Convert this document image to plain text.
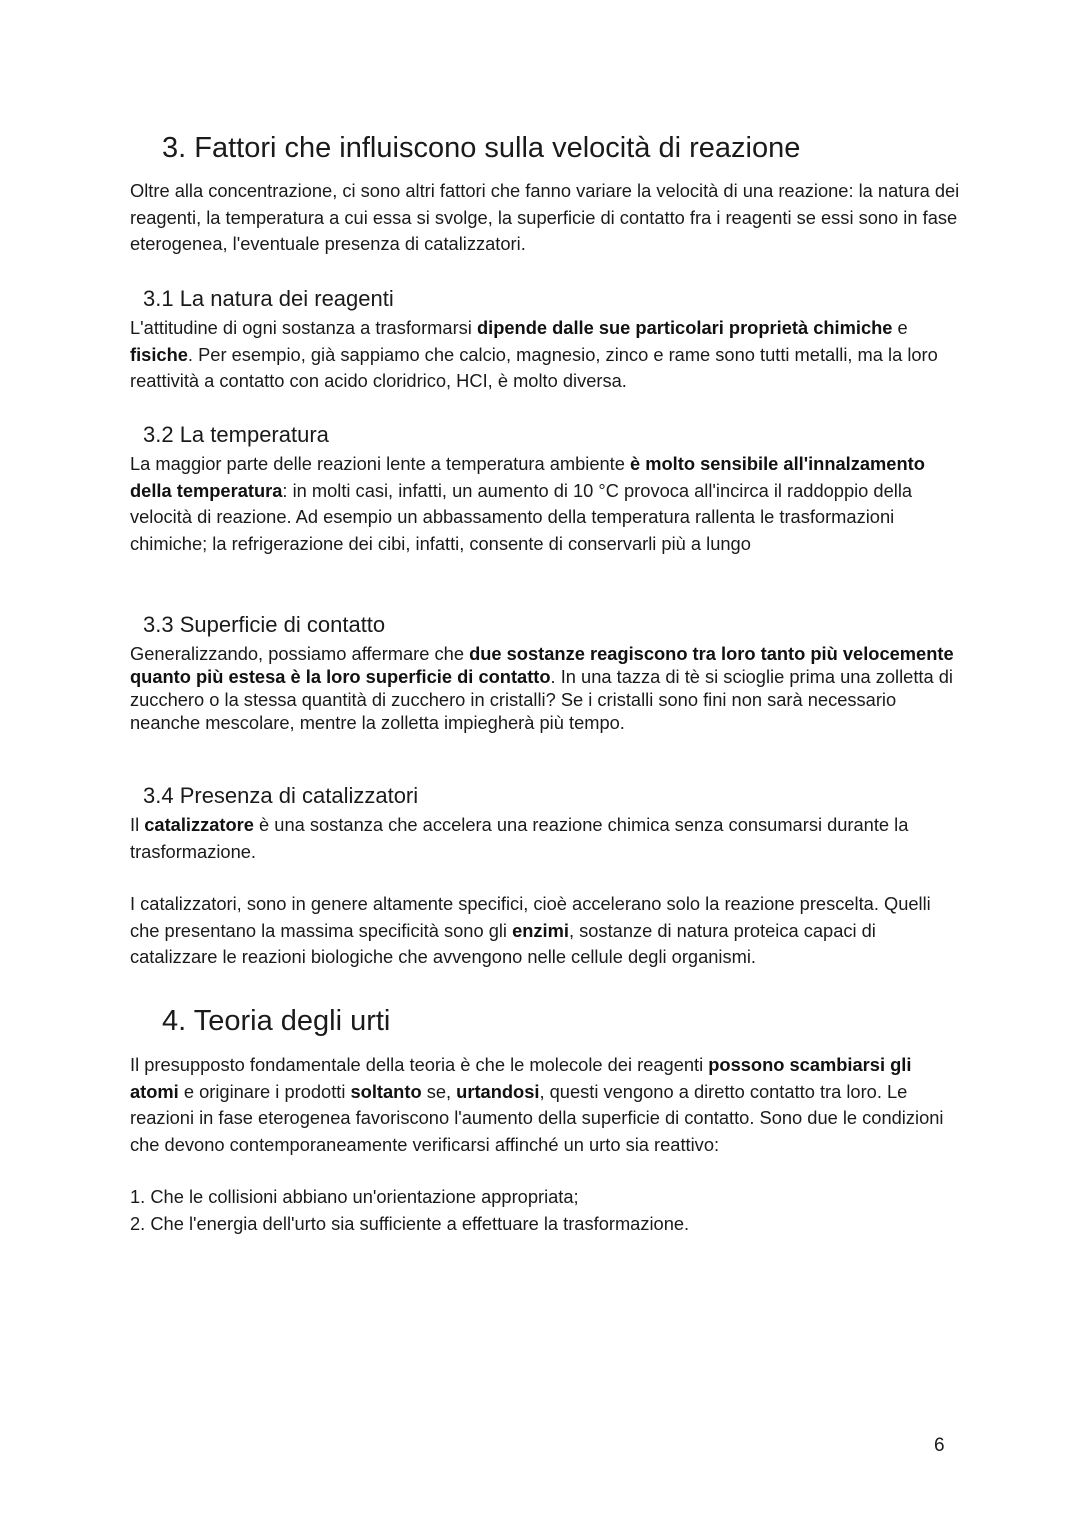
3. Fattori che influiscono sulla velocità di reazione

Oltre alla concentrazione, ci sono altri fattori che fanno variare la velocità di una reazione: la natura dei reagenti, la temperatura a cui essa si svolge, la superficie di contatto fra i reagenti se essi sono in fase eterogenea, l'eventuale presenza di catalizzatori.

3.1 La natura dei reagenti

L'attitudine di ogni sostanza a trasformarsi dipende dalle sue particolari proprietà chimiche e fisiche. Per esempio, già sappiamo che calcio, magnesio, zinco e rame sono tutti metalli, ma la loro reattività a contatto con acido cloridrico, HCI, è molto diversa.

3.2 La temperatura

La maggior parte delle reazioni lente a temperatura ambiente è molto sensibile all'innalzamento della temperatura: in molti casi, infatti, un aumento di 10 °C provoca all'incirca il raddoppio della velocità di reazione. Ad esempio un abbassamento della temperatura rallenta le trasformazioni chimiche; la refrigerazione dei cibi, infatti, consente di conservarli più a lungo

3.3 Superficie di contatto

Generalizzando, possiamo affermare che due sostanze reagiscono tra loro tanto più velocemente quanto più estesa è la loro superficie di contatto. In una tazza di tè si scioglie prima una zolletta di zucchero o la stessa quantità di zucchero in cristalli? Se i cristalli sono fini non sarà necessario neanche mescolare, mentre la zolletta impiegherà più tempo.

3.4 Presenza di catalizzatori

Il catalizzatore è una sostanza che accelera una reazione chimica senza consumarsi durante la trasformazione.

I catalizzatori, sono in genere altamente specifici, cioè accelerano solo la reazione prescelta. Quelli che presentano la massima specificità sono gli enzimi, sostanze di natura proteica capaci di catalizzare le reazioni biologiche che avvengono nelle cellule degli organismi.

4. Teoria degli urti

Il presupposto fondamentale della teoria è che le molecole dei reagenti possono scambiarsi gli atomi e originare i prodotti soltanto se, urtandosi, questi vengono a diretto contatto tra loro. Le reazioni in fase eterogenea favoriscono l'aumento della superficie di contatto. Sono due le condizioni che devono contemporaneamente verificarsi affinché un urto sia reattivo:

1. Che le collisioni abbiano un'orientazione appropriata;
2. Che l'energia dell'urto sia sufficiente a effettuare la trasformazione.
6
